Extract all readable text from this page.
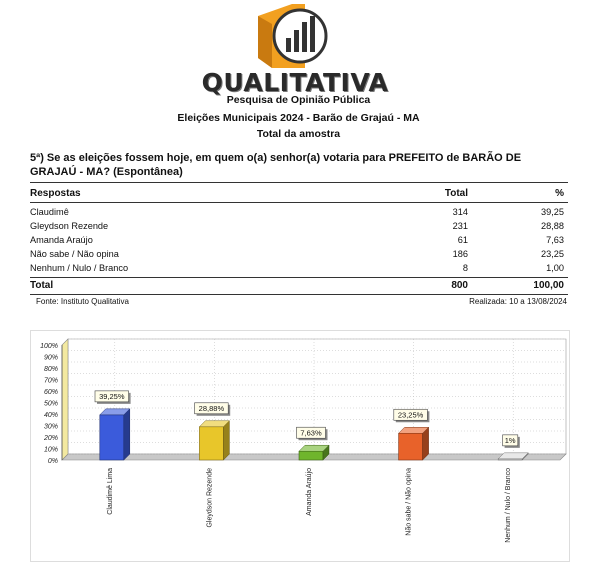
QUALITATIVA
Pesquisa de Opinião Pública
Eleições Municipais 2024 - Barão de Grajaú - MA
Total da amostra
5ª) Se as eleições fossem hoje, em quem o(a) senhor(a) votaria para PREFEITO de BARÃO DE GRAJAÚ - MA? (Espontânea)
Respostas	Total	%
Claudimê	314	39,25
Gleydson Rezende	231	28,88
Amanda Araújo	61	7,63
Não sabe / Não opina	186	23,25
Nenhum / Nulo / Branco	8	1,00
Total	800	100,00
Fonte: Instituto Qualitativa	Realizada: 10 a 13/08/2024
0%
10%
20%
30%
40%
50%
60%
70%
80%
90%
100%
39,25%
Claudimê Lima
28,88%
Gleydson Rezende
7,63%
Amanda Araújo
23,25%
Não sabe / Não opina
1%
Nenhum / Nulo / Branco
